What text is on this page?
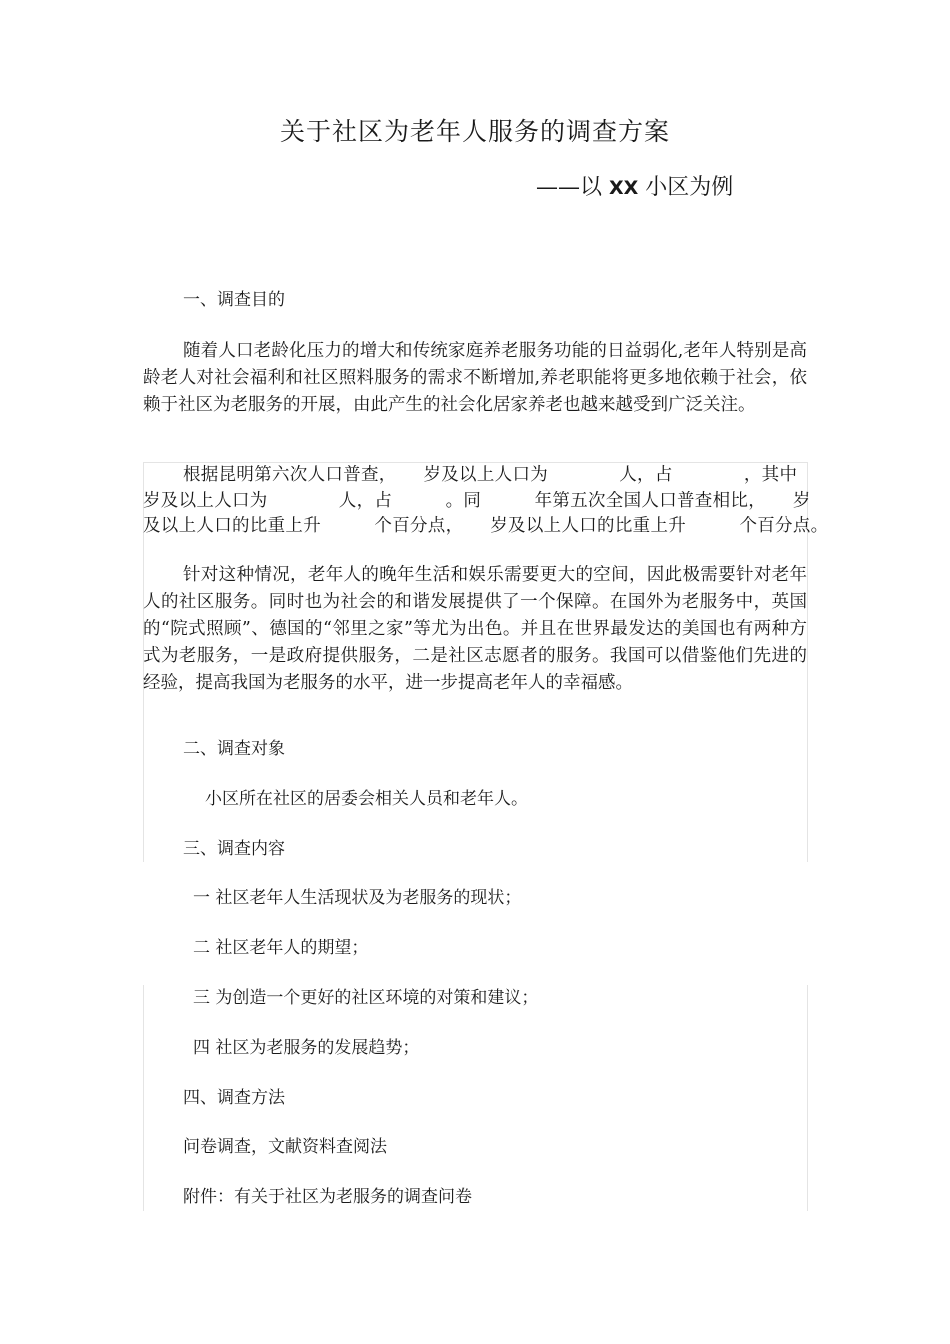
关于社区为老年人服务的调查方案
——以 XX 小区为例
一、调查目的
随着人口老龄化压力的增大和传统家庭养老服务功能的日益弱化,老年人特别是高龄老人对社会福利和社区照料服务的需求不断增加,养老职能将更多地依赖于社会，依赖于社区为老服务的开展，由此产生的社会化居家养老也越来越受到广泛关注。
根据昆明第六次人口普查，　　岁及以上人口为　　　　人，占　　　　，其中
岁及以上人口为　　　　人，占　　　。同　　　年第五次全国人口普查相比，　　岁
及以上人口的比重上升　　　个百分点，　　岁及以上人口的比重上升　　　个百分点。
针对这种情况，老年人的晚年生活和娱乐需要更大的空间，因此极需要针对老年人的社区服务。同时也为社会的和谐发展提供了一个保障。在国外为老服务中，英国的“院式照顾”、德国的“邻里之家”等尤为出色。并且在世界最发达的美国也有两种方式为老服务，一是政府提供服务，二是社区志愿者的服务。我国可以借鉴他们先进的经验，提高我国为老服务的水平，进一步提高老年人的幸福感。
二、调查对象
小区所在社区的居委会相关人员和老年人。
三、调查内容
一 社区老年人生活现状及为老服务的现状；
二 社区老年人的期望；
三 为创造一个更好的社区环境的对策和建议；
四 社区为老服务的发展趋势；
四、调查方法
问卷调查，文献资料查阅法
附件：有关于社区为老服务的调查问卷
